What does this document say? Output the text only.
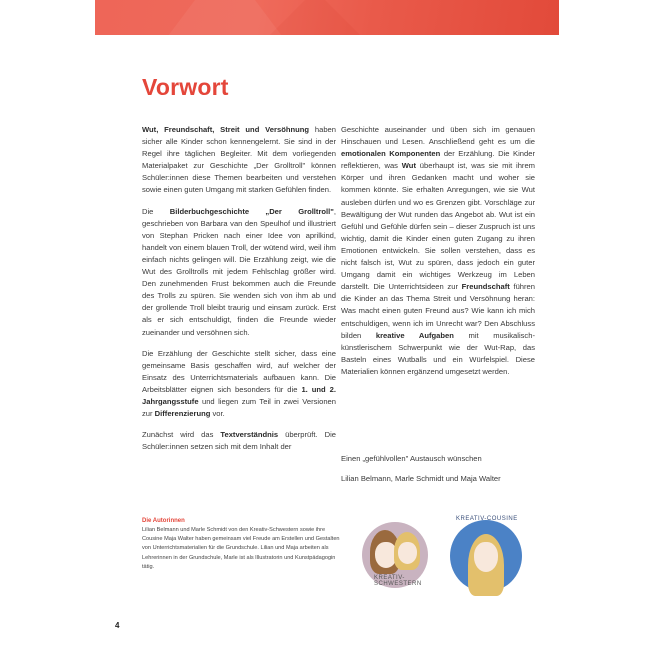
Vorwort

Wut, Freundschaft, Streit und Versöhnung haben sicher alle Kinder schon kennengelernt. Sie sind in der Regel ihre täglichen Begleiter. Mit dem vorliegenden Materialpaket zur Geschichte „Der Grolltroll" können Schüler:innen diese Themen bearbeiten und verstehen sowie einen guten Umgang mit starken Gefühlen finden.

Die Bilderbuchgeschichte „Der Grolltroll", geschrieben von Barbara van den Speulhof und illustriert von Stephan Pricken nach einer Idee von aprilkind, handelt von einem blauen Troll, der wütend wird, weil ihm einfach nichts gelingen will. Die Erzählung zeigt, wie die Wut des Grolltrolls mit jedem Fehlschlag größer wird. Den zunehmenden Frust bekommen auch die Freunde des Trolls zu spüren. Sie wenden sich von ihm ab und der grollende Troll bleibt traurig und einsam zurück. Erst als er sich entschuldigt, finden die Freunde wieder zueinander und versöhnen sich.

Die Erzählung der Geschichte stellt sicher, dass eine gemeinsame Basis geschaffen wird, auf welcher der Einsatz des Unterrichtsmaterials aufbauen kann. Die Arbeitsblätter eignen sich besonders für die 1. und 2. Jahrgangsstufe und liegen zum Teil in zwei Versionen zur Differenzierung vor.

Zunächst wird das Textverständnis überprüft. Die Schüler:innen setzen sich mit dem Inhalt der

Geschichte auseinander und üben sich im genauen Hinschauen und Lesen. Anschließend geht es um die emotionalen Komponenten der Erzählung. Die Kinder reflektieren, was Wut überhaupt ist, was sie mit ihrem Körper und ihren Gedanken macht und woher sie kommen könnte. Sie erhalten Anregungen, wie sie Wut ausleben dürfen und wo es Grenzen gibt. Vorschläge zur Bewältigung der Wut runden das Angebot ab. Wut ist ein Gefühl und Gefühle dürfen sein – dieser Zuspruch ist uns wichtig, damit die Kinder einen guten Zugang zu ihren Emotionen entwickeln. Sie sollen verstehen, dass es nicht falsch ist, Wut zu spüren, dass jedoch ein guter Umgang damit ein wichtiges Werkzeug im Leben darstellt. Die Unterrichtsideen zur Freundschaft führen die Kinder an das Thema Streit und Versöhnung heran: Was macht einen guten Freund aus? Wie kann ich mich entschuldigen, wenn ich im Unrecht war? Den Abschluss bilden kreative Aufgaben mit musikalisch-künstlerischem Schwerpunkt wie der Wut-Rap, das Basteln eines Wutballs und ein Würfelspiel. Diese Materialien können ergänzend umgesetzt werden.

Einen „gefühlvollen" Austausch wünschen

Lilian Belmann, Marle Schmidt und Maja Walter

Die Autorinnen

Lilian Belmann und Marle Schmidt von den Kreativ-Schwestern sowie ihre Cousine Maja Walter haben gemeinsam viel Freude am Erstellen und Gestalten von Unterrichtsmaterialien für die Grundschule. Lilian und Maja arbeiten als Lehrerinnen in der Grundschule, Marle ist als Illustratorin und Kunstpädagogin tätig.

KREATIV-SCHWESTERN
KREATIV-COUSINE
4
